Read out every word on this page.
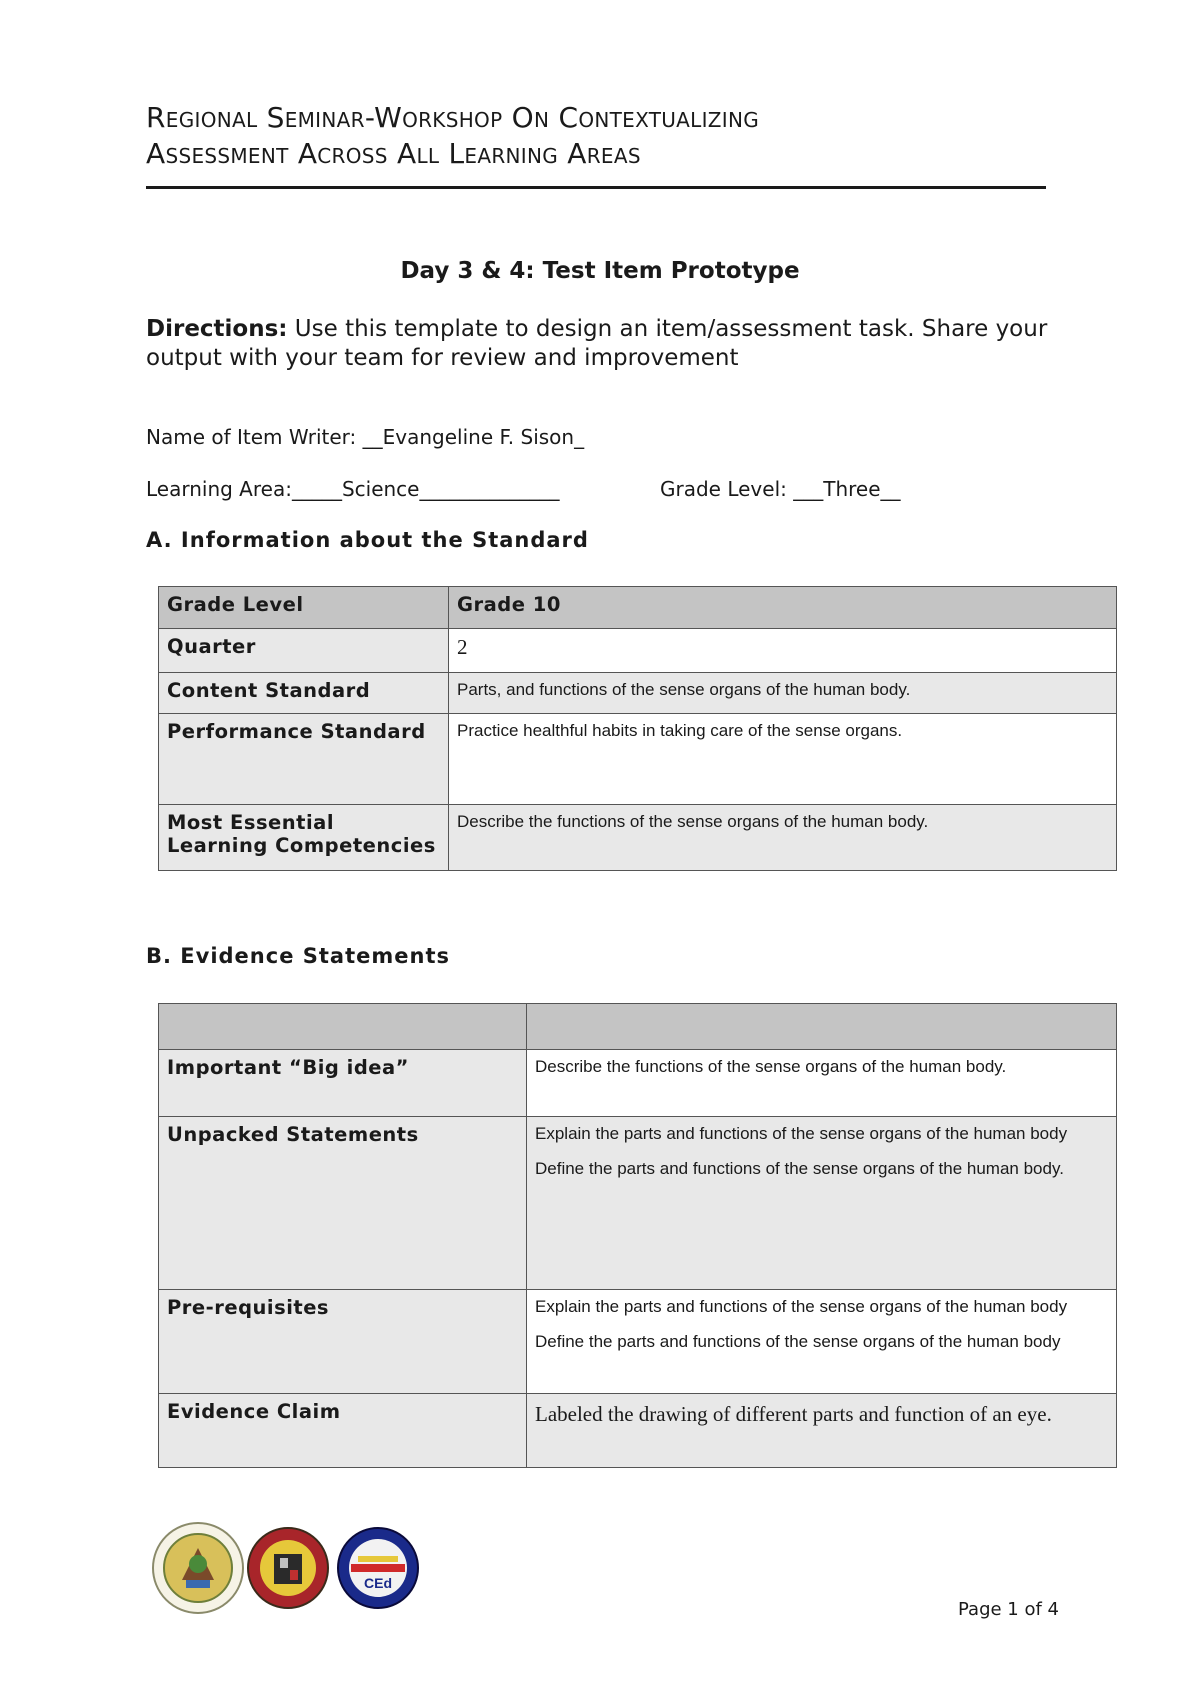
Regional Seminar-Workshop On Contextualizing
Assessment Across All Learning Areas
Day 3 & 4: Test Item Prototype
Directions: Use this template to design an item/assessment task. Share your output with your team for review and improvement
Name of Item Writer: __Evangeline F. Sison_
Learning Area:_____Science______________	Grade Level: ___Three__
A. Information about the Standard
Grade Level	Grade 10
Quarter	2
Content Standard	Parts, and functions of the sense organs of the human body.
Performance Standard	Practice healthful habits in taking care of the sense organs.
Most Essential Learning Competencies	Describe the functions of the sense organs of the human body.
B. Evidence Statements

Important “Big idea”	Describe the functions of the sense organs of the human body.
Unpacked Statements	Explain the parts and functions of the sense organs of the human body
Define the parts and functions of the sense organs of the human body.

Pre-requisites	Explain the parts and functions of the sense organs of the human body
Define the parts and functions of the sense organs of the human body

Evidence Claim	Labeled the drawing of different parts and function of an eye.
CEd
Page 1 of 4
